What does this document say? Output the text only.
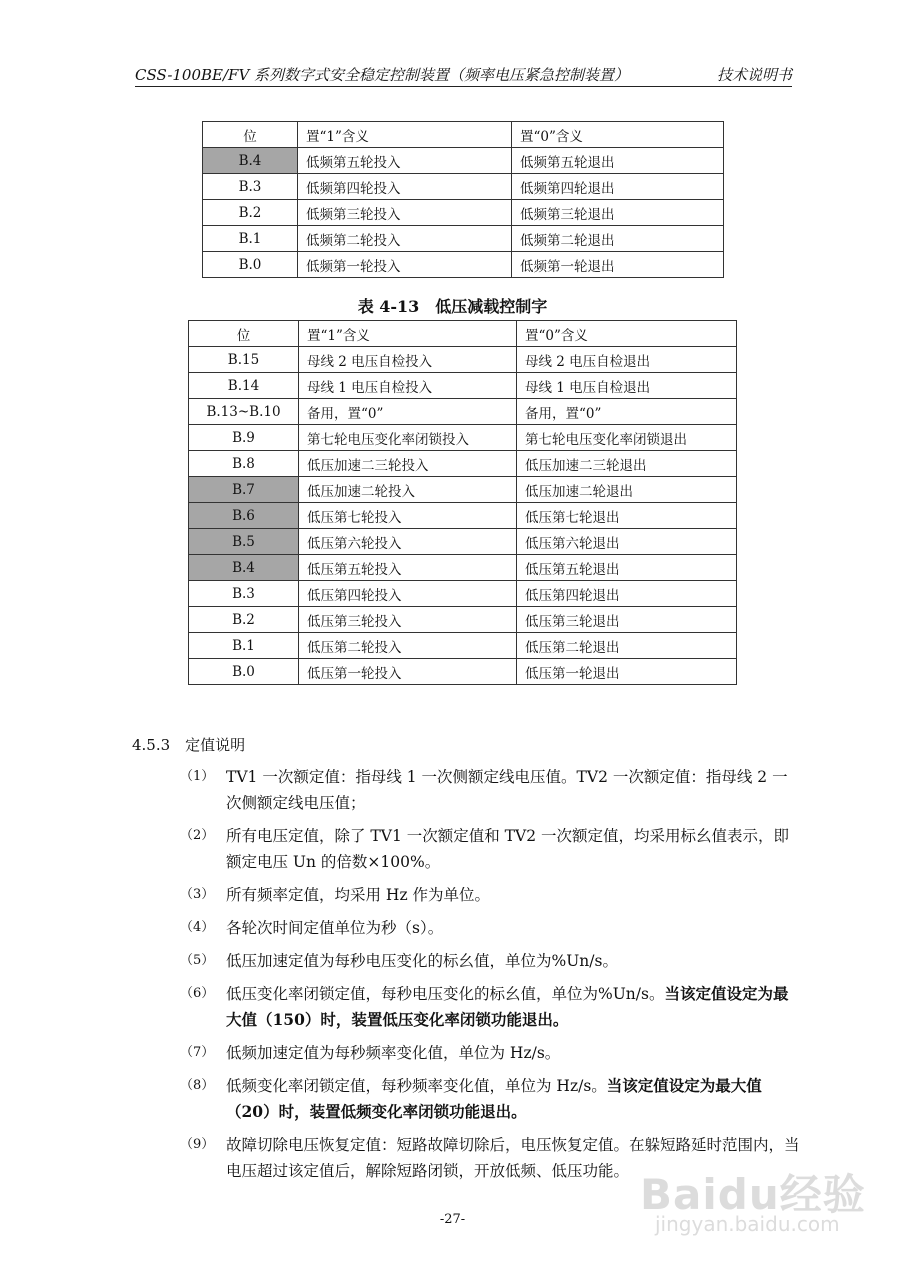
CSS-100BE/FV 系列数字式安全稳定控制装置（频率电压紧急控制装置）	技术说明书
位	置“1”含义	置“0”含义
B.4	低频第五轮投入	低频第五轮退出
B.3	低频第四轮投入	低频第四轮退出
B.2	低频第三轮投入	低频第三轮退出
B.1	低频第二轮投入	低频第二轮退出
B.0	低频第一轮投入	低频第一轮退出
表 4-13　低压减载控制字
位	置“1”含义	置“0”含义
B.15	母线 2 电压自检投入	母线 2 电压自检退出
B.14	母线 1 电压自检投入	母线 1 电压自检退出
B.13~B.10	备用，置“0”	备用，置“0”
B.9	第七轮电压变化率闭锁投入	第七轮电压变化率闭锁退出
B.8	低压加速二三轮投入	低压加速二三轮退出
B.7	低压加速二轮投入	低压加速二轮退出
B.6	低压第七轮投入	低压第七轮退出
B.5	低压第六轮投入	低压第六轮退出
B.4	低压第五轮投入	低压第五轮退出
B.3	低压第四轮投入	低压第四轮退出
B.2	低压第三轮投入	低压第三轮退出
B.1	低压第二轮投入	低压第二轮退出
B.0	低压第一轮投入	低压第一轮退出
4.5.3　定值说明
（1） TV1 一次额定值：指母线 1 一次侧额定线电压值。TV2 一次额定值：指母线 2 一次侧额定线电压值；
（2） 所有电压定值，除了 TV1 一次额定值和 TV2 一次额定值，均采用标幺值表示，即额定电压 Un 的倍数×100%。
（3） 所有频率定值，均采用 Hz 作为单位。
（4） 各轮次时间定值单位为秒（s）。
（5） 低压加速定值为每秒电压变化的标幺值，单位为%Un/s。
（6） 低压变化率闭锁定值，每秒电压变化的标幺值，单位为%Un/s。当该定值设定为最大值（150）时，装置低压变化率闭锁功能退出。
（7） 低频加速定值为每秒频率变化值，单位为 Hz/s。
（8） 低频变化率闭锁定值，每秒频率变化值，单位为 Hz/s。当该定值设定为最大值（20）时，装置低频变化率闭锁功能退出。
（9） 故障切除电压恢复定值：短路故障切除后，电压恢复定值。在躲短路延时范围内，当电压超过该定值后，解除短路闭锁，开放低频、低压功能。
-27-
Baidu经验
jingyan.baidu.com
